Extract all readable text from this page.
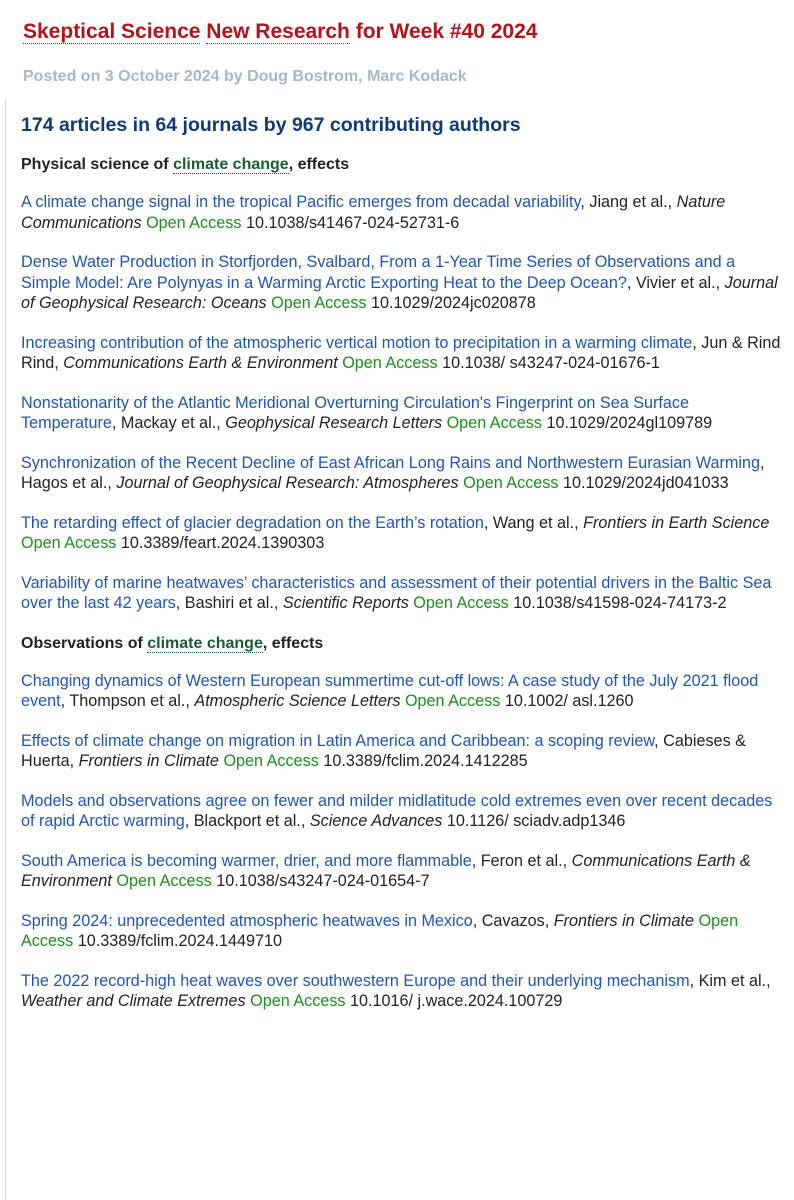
Skeptical Science New Research for Week #40 2024
Posted on 3 October 2024 by Doug Bostrom, Marc Kodack
174 articles in 64 journals by 967 contributing authors
Physical science of climate change, effects
A climate change signal in the tropical Pacific emerges from decadal variability, Jiang et al., Nature Communications Open Access 10.1038/s41467-024-52731-6
Dense Water Production in Storfjorden, Svalbard, From a 1-Year Time Series of Observations and a Simple Model: Are Polynyas in a Warming Arctic Exporting Heat to the Deep Ocean?, Vivier et al., Journal of Geophysical Research: Oceans Open Access 10.1029/2024jc020878
Increasing contribution of the atmospheric vertical motion to precipitation in a warming climate, Jun & Rind Rind, Communications Earth & Environment Open Access 10.1038/ s43247-024-01676-1
Nonstationarity of the Atlantic Meridional Overturning Circulation's Fingerprint on Sea Surface Temperature, Mackay et al., Geophysical Research Letters Open Access 10.1029/2024gl109789
Synchronization of the Recent Decline of East African Long Rains and Northwestern Eurasian Warming, Hagos et al., Journal of Geophysical Research: Atmospheres Open Access 10.1029/2024jd041033
The retarding effect of glacier degradation on the Earth’s rotation, Wang et al., Frontiers in Earth Science Open Access 10.3389/feart.2024.1390303
Variability of marine heatwaves’ characteristics and assessment of their potential drivers in the Baltic Sea over the last 42 years, Bashiri et al., Scientific Reports Open Access 10.1038/s41598-024-74173-2
Observations of climate change, effects
Changing dynamics of Western European summertime cut-off lows: A case study of the July 2021 flood event, Thompson et al., Atmospheric Science Letters Open Access 10.1002/ asl.1260
Effects of climate change on migration in Latin America and Caribbean: a scoping review, Cabieses & Huerta, Frontiers in Climate Open Access 10.3389/fclim.2024.1412285
Models and observations agree on fewer and milder midlatitude cold extremes even over recent decades of rapid Arctic warming, Blackport et al., Science Advances 10.1126/ sciadv.adp1346
South America is becoming warmer, drier, and more flammable, Feron et al., Communications Earth & Environment Open Access 10.1038/s43247-024-01654-7
Spring 2024: unprecedented atmospheric heatwaves in Mexico, Cavazos, Frontiers in Climate Open Access 10.3389/fclim.2024.1449710
The 2022 record-high heat waves over southwestern Europe and their underlying mechanism, Kim et al., Weather and Climate Extremes Open Access 10.1016/ j.wace.2024.100729
